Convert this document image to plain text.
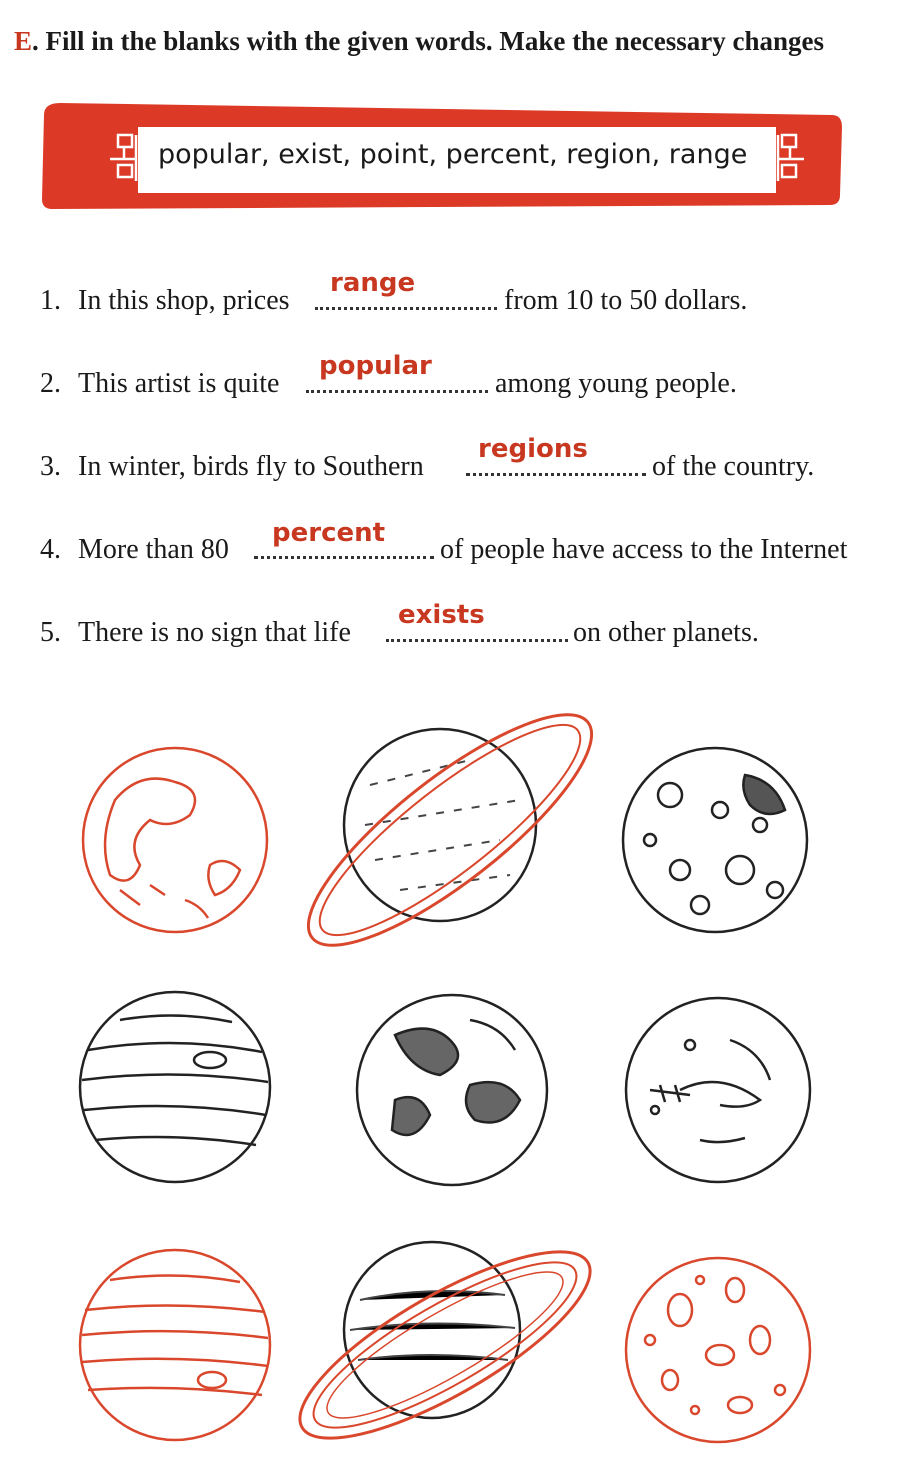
E. Fill in the blanks with the given words. Make the necessary changes
popular, exist, point, percent, region, range
1. In this shop, prices	from 10 to 50 dollars.
range
2. This artist is quite	among young people.
popular
3. In winter, birds fly to Southern	of the country.
regions
4. More than 80	of people have access to the Internet
percent
5. There is no sign that life	on other planets.
exists
